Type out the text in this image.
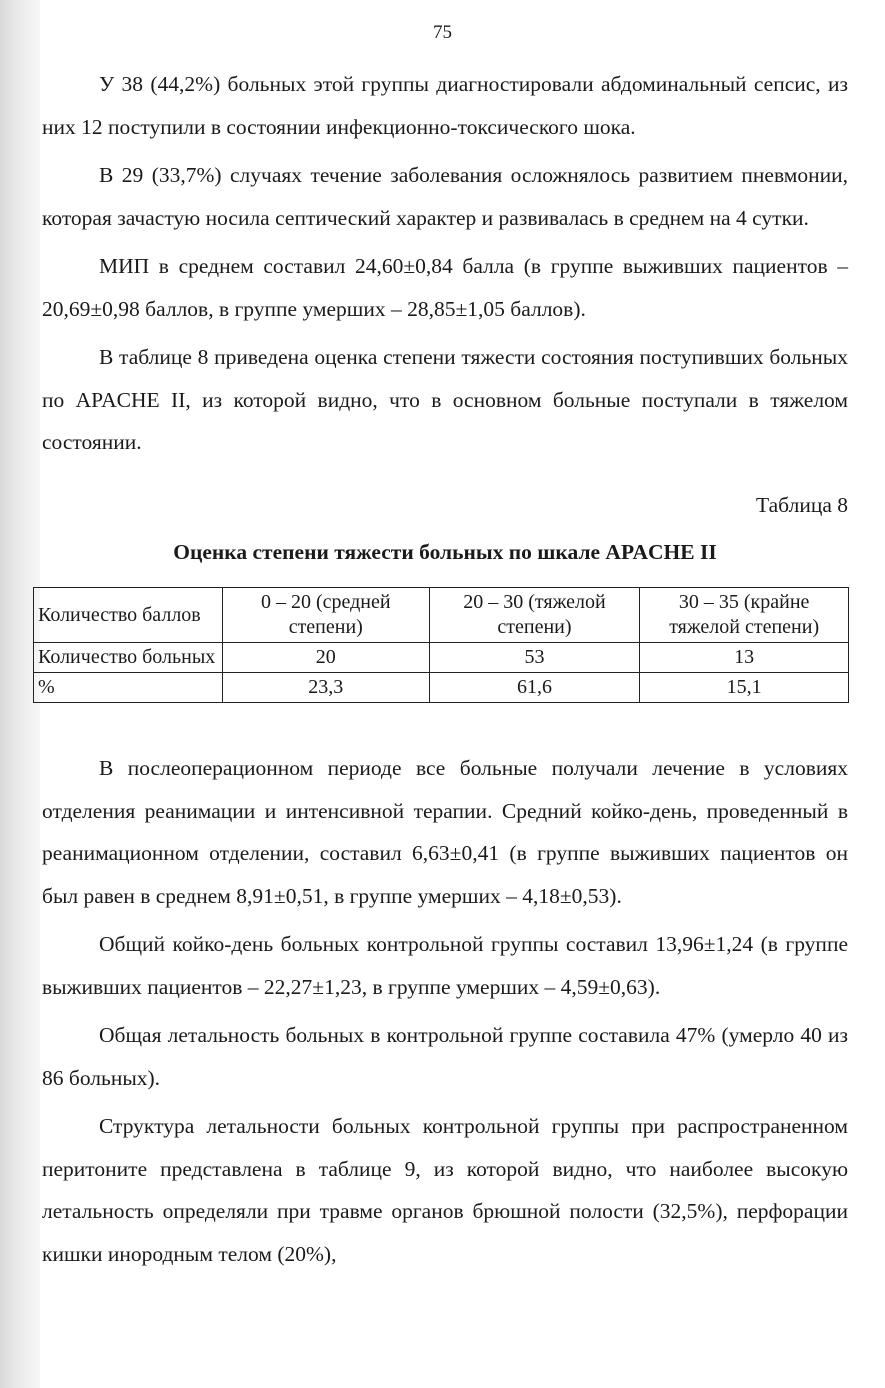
75

У 38 (44,2%) больных этой группы диагностировали абдоминальный сепсис, из них 12 поступили в состоянии инфекционно-токсического шока.

В 29 (33,7%) случаях течение заболевания осложнялось развитием пневмонии, которая зачастую носила септический характер и развивалась в среднем на 4 сутки.

МИП в среднем составил 24,60±0,84 балла (в группе выживших пациентов – 20,69±0,98 баллов, в группе умерших – 28,85±1,05 баллов).

В таблице 8 приведена оценка степени тяжести состояния поступивших больных по APACHE II, из которой видно, что в основном больные поступали в тяжелом состоянии.

Таблица 8
Оценка степени тяжести больных по шкале APACHE II
Количество баллов	0 – 20 (средней степени)	20 – 30 (тяжелой степени)	30 – 35 (крайне тяжелой степени)
Количество больных	20	53	13
%	23,3	61,6	15,1

В послеоперационном периоде все больные получали лечение в условиях отделения реанимации и интенсивной терапии. Средний койко-день, проведенный в реанимационном отделении, составил 6,63±0,41 (в группе выживших пациентов он был равен в среднем 8,91±0,51, в группе умерших – 4,18±0,53).

Общий койко-день больных контрольной группы составил 13,96±1,24 (в группе выживших пациентов – 22,27±1,23, в группе умерших – 4,59±0,63).

Общая летальность больных в контрольной группе составила 47% (умерло 40 из 86 больных).

Структура летальности больных контрольной группы при распространенном перитоните представлена в таблице 9, из которой видно, что наиболее высокую летальность определяли при травме органов брюшной полости (32,5%), перфорации кишки инородным телом (20%),
